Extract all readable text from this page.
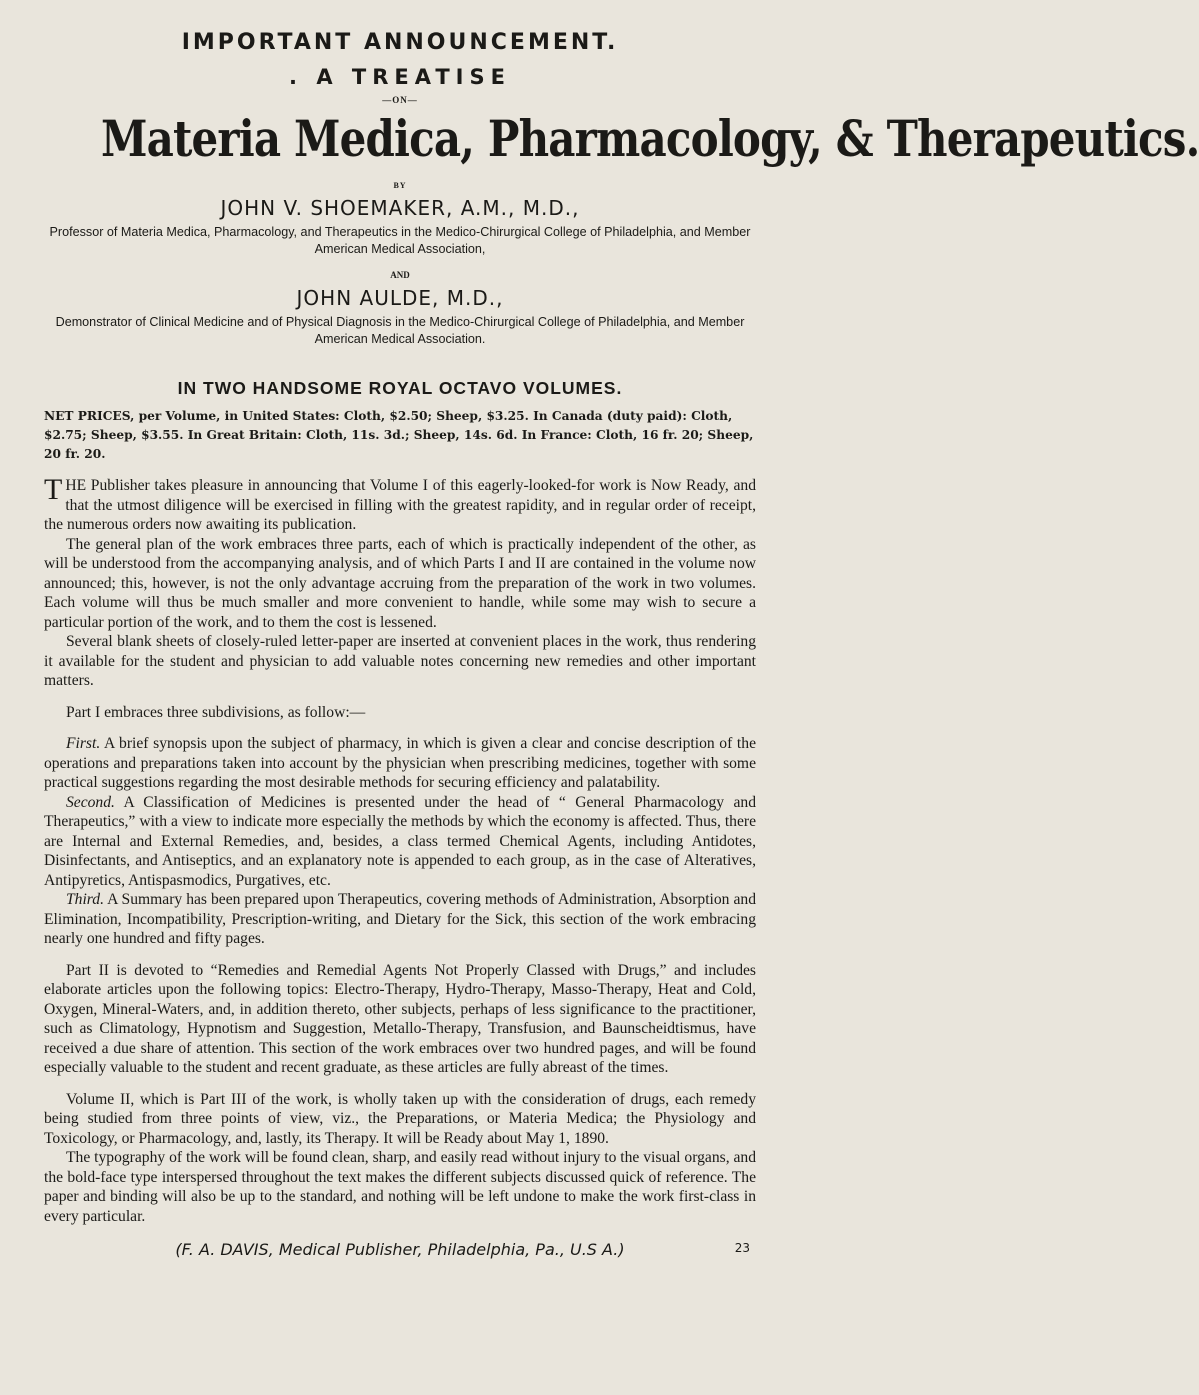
IMPORTANT ANNOUNCEMENT.
. A TREATISE
—ON—
Materia Medica, Pharmacology, & Therapeutics.
BY
JOHN V. SHOEMAKER, A.M., M.D.,
Professor of Materia Medica, Pharmacology, and Therapeutics in the Medico-Chirurgical College of Philadelphia, and Member American Medical Association,
AND
JOHN AULDE, M.D.,
Demonstrator of Clinical Medicine and of Physical Diagnosis in the Medico-Chirurgical College of Philadelphia, and Member American Medical Association.
IN TWO HANDSOME ROYAL OCTAVO VOLUMES.
NET PRICES, per Volume, in United States: Cloth, $2.50; Sheep, $3.25. In Canada (duty paid): Cloth, $2.75; Sheep, $3.55. In Great Britain: Cloth, 11s. 3d.; Sheep, 14s. 6d. In France: Cloth, 16 fr. 20; Sheep, 20 fr. 20.

THE Publisher takes pleasure in announcing that Volume I of this eagerly-looked-for work is Now Ready, and that the utmost diligence will be exercised in filling with the greatest rapidity, and in regular order of receipt, the numerous orders now awaiting its publication.

The general plan of the work embraces three parts, each of which is practically independent of the other, as will be understood from the accompanying analysis, and of which Parts I and II are contained in the volume now announced; this, however, is not the only advantage accruing from the preparation of the work in two volumes. Each volume will thus be much smaller and more convenient to handle, while some may wish to secure a particular portion of the work, and to them the cost is lessened.

Several blank sheets of closely-ruled letter-paper are inserted at convenient places in the work, thus rendering it available for the student and physician to add valuable notes concerning new remedies and other important matters.

Part I embraces three subdivisions, as follow:—

First. A brief synopsis upon the subject of pharmacy, in which is given a clear and concise description of the operations and preparations taken into account by the physician when prescribing medicines, together with some practical suggestions regarding the most desirable methods for securing efficiency and palatability.

Second. A Classification of Medicines is presented under the head of “ General Pharmacology and Therapeutics,” with a view to indicate more especially the methods by which the economy is affected. Thus, there are Internal and External Remedies, and, besides, a class termed Chemical Agents, including Antidotes, Disinfectants, and Antiseptics, and an explanatory note is appended to each group, as in the case of Alteratives, Antipyretics, Antispasmodics, Purgatives, etc.

Third. A Summary has been prepared upon Therapeutics, covering methods of Administration, Absorption and Elimination, Incompatibility, Prescription-writing, and Dietary for the Sick, this section of the work embracing nearly one hundred and fifty pages.

Part II is devoted to “Remedies and Remedial Agents Not Properly Classed with Drugs,” and includes elaborate articles upon the following topics: Electro-Therapy, Hydro-Therapy, Masso-Therapy, Heat and Cold, Oxygen, Mineral-Waters, and, in addition thereto, other subjects, perhaps of less significance to the practitioner, such as Climatology, Hypnotism and Suggestion, Metallo-Therapy, Transfusion, and Baunscheidtismus, have received a due share of attention. This section of the work embraces over two hundred pages, and will be found especially valuable to the student and recent graduate, as these articles are fully abreast of the times.

Volume II, which is Part III of the work, is wholly taken up with the consideration of drugs, each remedy being studied from three points of view, viz., the Preparations, or Materia Medica; the Physiology and Toxicology, or Pharmacology, and, lastly, its Therapy. It will be Ready about May 1, 1890.

The typography of the work will be found clean, sharp, and easily read without injury to the visual organs, and the bold-face type interspersed throughout the text makes the different subjects discussed quick of reference. The paper and binding will also be up to the standard, and nothing will be left undone to make the work first-class in every particular.

(F. A. DAVIS, Medical Publisher, Philadelphia, Pa., U.S A.)	23
